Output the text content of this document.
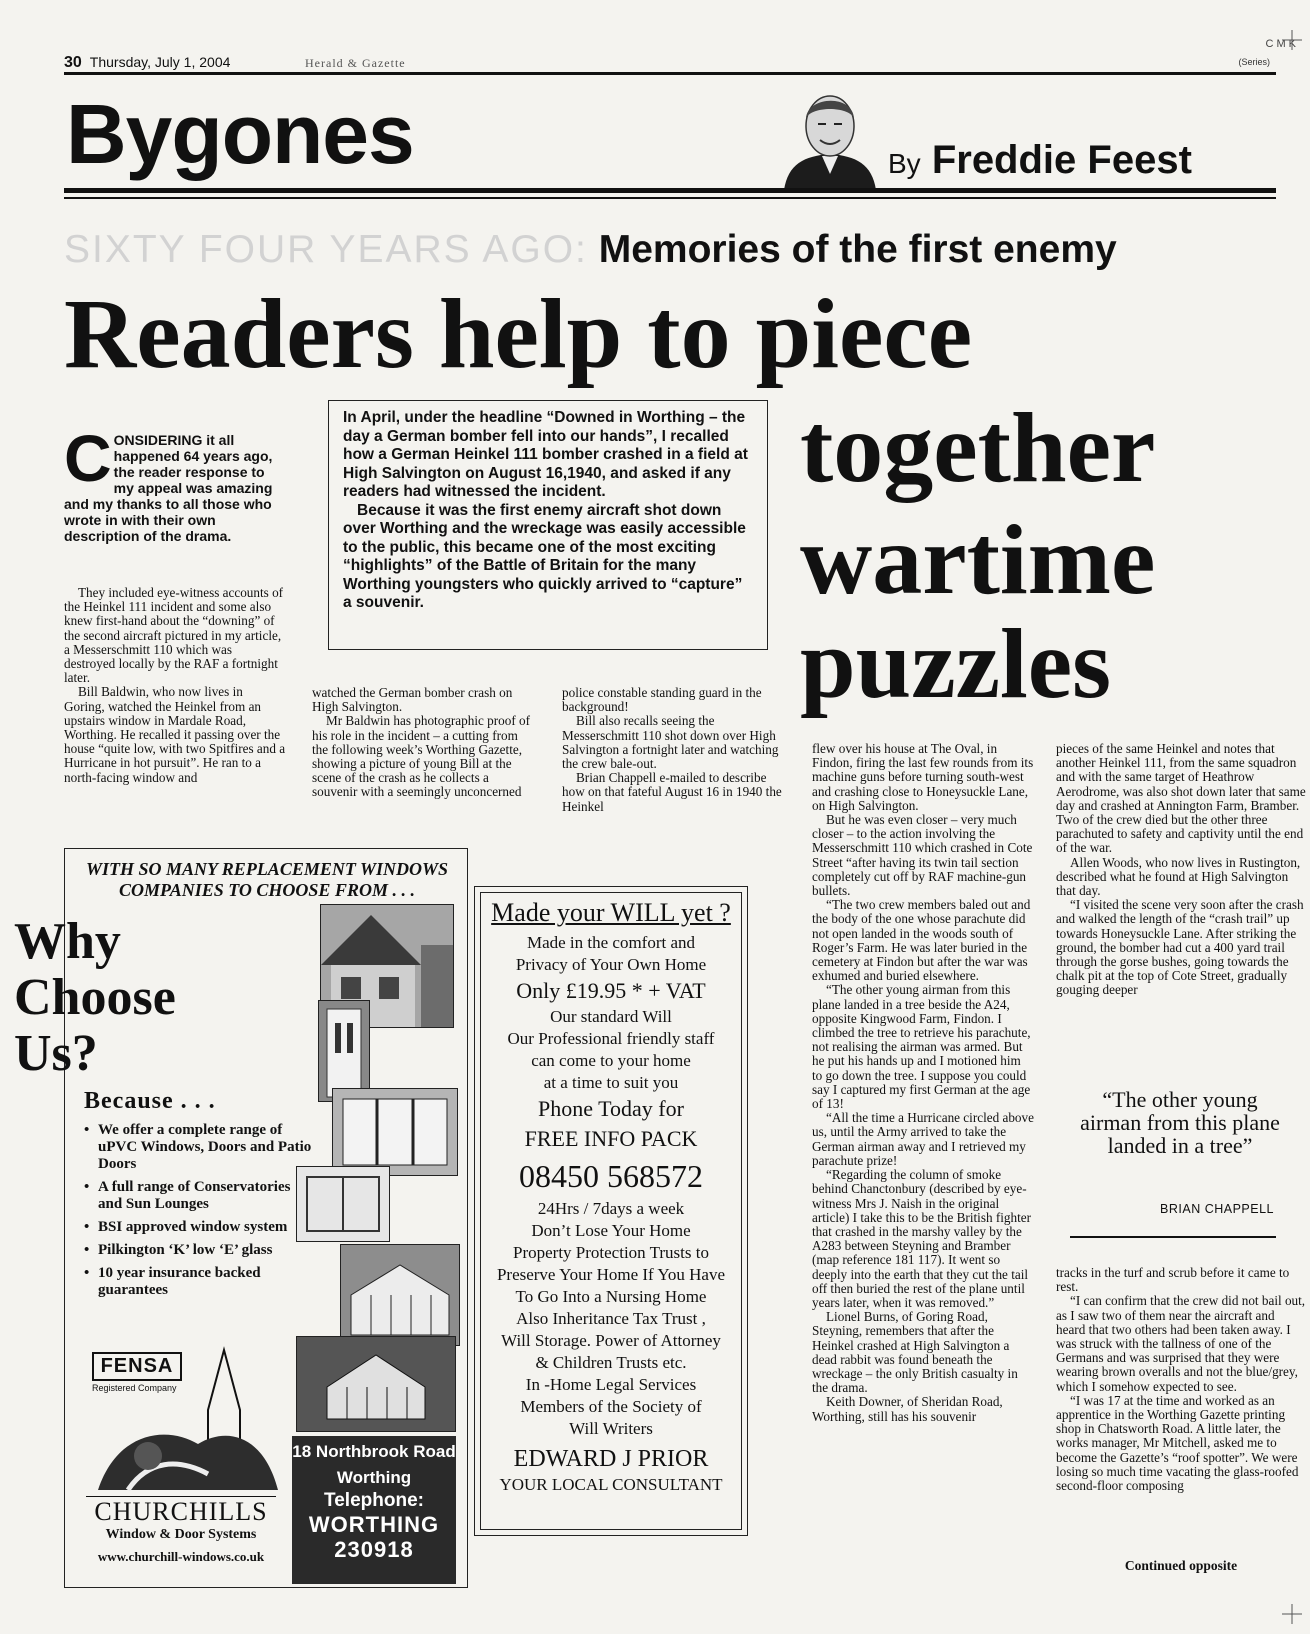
30 Thursday, July 1, 2004	Herald & Gazette
C M K
(Series)
Bygones	By Freddie Feest
SIXTY FOUR YEARS AGO: Memories of the first enemy
Readers help to piece
together
wartime
puzzles
C ONSIDERING it all happened 64 years ago, the reader response to my appeal was amazing and my thanks to all those who wrote in with their own description of the drama.

In April, under the headline “Downed in Worthing – the day a German bomber fell into our hands”, I recalled how a German Heinkel 111 bomber crashed in a field at High Salvington on August 16,1940, and asked if any readers had witnessed the incident.

Because it was the first enemy aircraft shot down over Worthing and the wreckage was easily accessible to the public, this became one of the most exciting “highlights” of the Battle of Britain for the many Worthing youngsters who quickly arrived to “capture” a souvenir.

They included eye-witness accounts of the Heinkel 111 incident and some also knew first-hand about the “downing” of the second aircraft pictured in my article, a Messerschmitt 110 which was destroyed locally by the RAF a fortnight later.

Bill Baldwin, who now lives in Goring, watched the Heinkel from an upstairs window in Mardale Road, Worthing. He recalled it passing over the house “quite low, with two Spitfires and a Hurricane in hot pursuit”. He ran to a north-facing window and

watched the German bomber crash on High Salvington.

Mr Baldwin has photographic proof of his role in the incident – a cutting from the following week’s Worthing Gazette, showing a picture of young Bill at the scene of the crash as he collects a souvenir with a seemingly unconcerned

police constable standing guard in the background!

Bill also recalls seeing the Messerschmitt 110 shot down over High Salvington a fortnight later and watching the crew bale-out.

Brian Chappell e-mailed to describe how on that fateful August 16 in 1940 the Heinkel

flew over his house at The Oval, in Findon, firing the last few rounds from its machine guns before turning south-west and crashing close to Honeysuckle Lane, on High Salvington.

But he was even closer – very much closer – to the action involving the Messerschmitt 110 which crashed in Cote Street “after having its twin tail section completely cut off by RAF machine-gun bullets.

“The two crew members baled out and the body of the one whose parachute did not open landed in the woods south of Roger’s Farm. He was later buried in the cemetery at Findon but after the war was exhumed and buried elsewhere.

“The other young airman from this plane landed in a tree beside the A24, opposite Kingwood Farm, Findon. I climbed the tree to retrieve his parachute, not realising the airman was armed. But he put his hands up and I motioned him to go down the tree. I suppose you could say I captured my first German at the age of 13!

“All the time a Hurricane circled above us, until the Army arrived to take the German airman away and I retrieved my parachute prize!

“Regarding the column of smoke behind Chanctonbury (described by eye-witness Mrs J. Naish in the original article) I take this to be the British fighter that crashed in the marshy valley by the A283 between Steyning and Bramber (map reference 181 117). It went so deeply into the earth that they cut the tail off then buried the rest of the plane until years later, when it was removed.”

Lionel Burns, of Goring Road, Steyning, remembers that after the Heinkel crashed at High Salvington a dead rabbit was found beneath the wreckage – the only British casualty in the drama.

Keith Downer, of Sheridan Road, Worthing, still has his souvenir

pieces of the same Heinkel and notes that another Heinkel 111, from the same squadron and with the same target of Heathrow Aerodrome, was also shot down later that same day and crashed at Annington Farm, Bramber. Two of the crew died but the other three parachuted to safety and captivity until the end of the war.

Allen Woods, who now lives in Rustington, described what he found at High Salvington that day.

“I visited the scene very soon after the crash and walked the length of the “crash trail” up towards Honeysuckle Lane. After striking the ground, the bomber had cut a 400 yard trail through the gorse bushes, going towards the chalk pit at the top of Cote Street, gradually gouging deeper

“The other young airman from this plane landed in a tree”
BRIAN CHAPPELL

tracks in the turf and scrub before it came to rest.

“I can confirm that the crew did not bail out, as I saw two of them near the aircraft and heard that two others had been taken away. I was struck with the tallness of one of the Germans and was surprised that they were wearing brown overalls and not the blue/grey, which I somehow expected to see.

“I was 17 at the time and worked as an apprentice in the Worthing Gazette printing shop in Chatsworth Road. A little later, the works manager, Mr Mitchell, asked me to become the Gazette’s “roof spotter”. We were losing so much time vacating the glass-roofed second-floor composing

Continued opposite
WITH SO MANY REPLACEMENT WINDOWS COMPANIES TO CHOOSE FROM . . .
Why
Choose
Us?
Because . . .
• We offer a complete range of uPVC Windows, Doors and Patio Doors
• A full range of Conservatories and Sun Lounges
• BSI approved window system
• Pilkington ‘K’ low ‘E’ glass
• 10 year insurance backed guarantees
FENSA
Registered Company
CHURCHILLS
Window & Door Systems
www.churchill-windows.co.uk
18 Northbrook Road
Worthing
Telephone:
WORTHING
230918
Made your WILL yet ?
Made in the comfort and
Privacy of Your Own Home
Only £19.95 * + VAT
Our standard Will
Our Professional friendly staff
can come to your home
at a time to suit you
Phone Today for
FREE INFO PACK
08450 568572
24Hrs / 7days a week
Don’t Lose Your Home
Property Protection Trusts to
Preserve Your Home If You Have
To Go Into a Nursing Home
Also Inheritance Tax Trust ,
Will Storage. Power of Attorney
& Children Trusts etc.
In -Home Legal Services
Members of the Society of
Will Writers
EDWARD J PRIOR
YOUR LOCAL CONSULTANT
